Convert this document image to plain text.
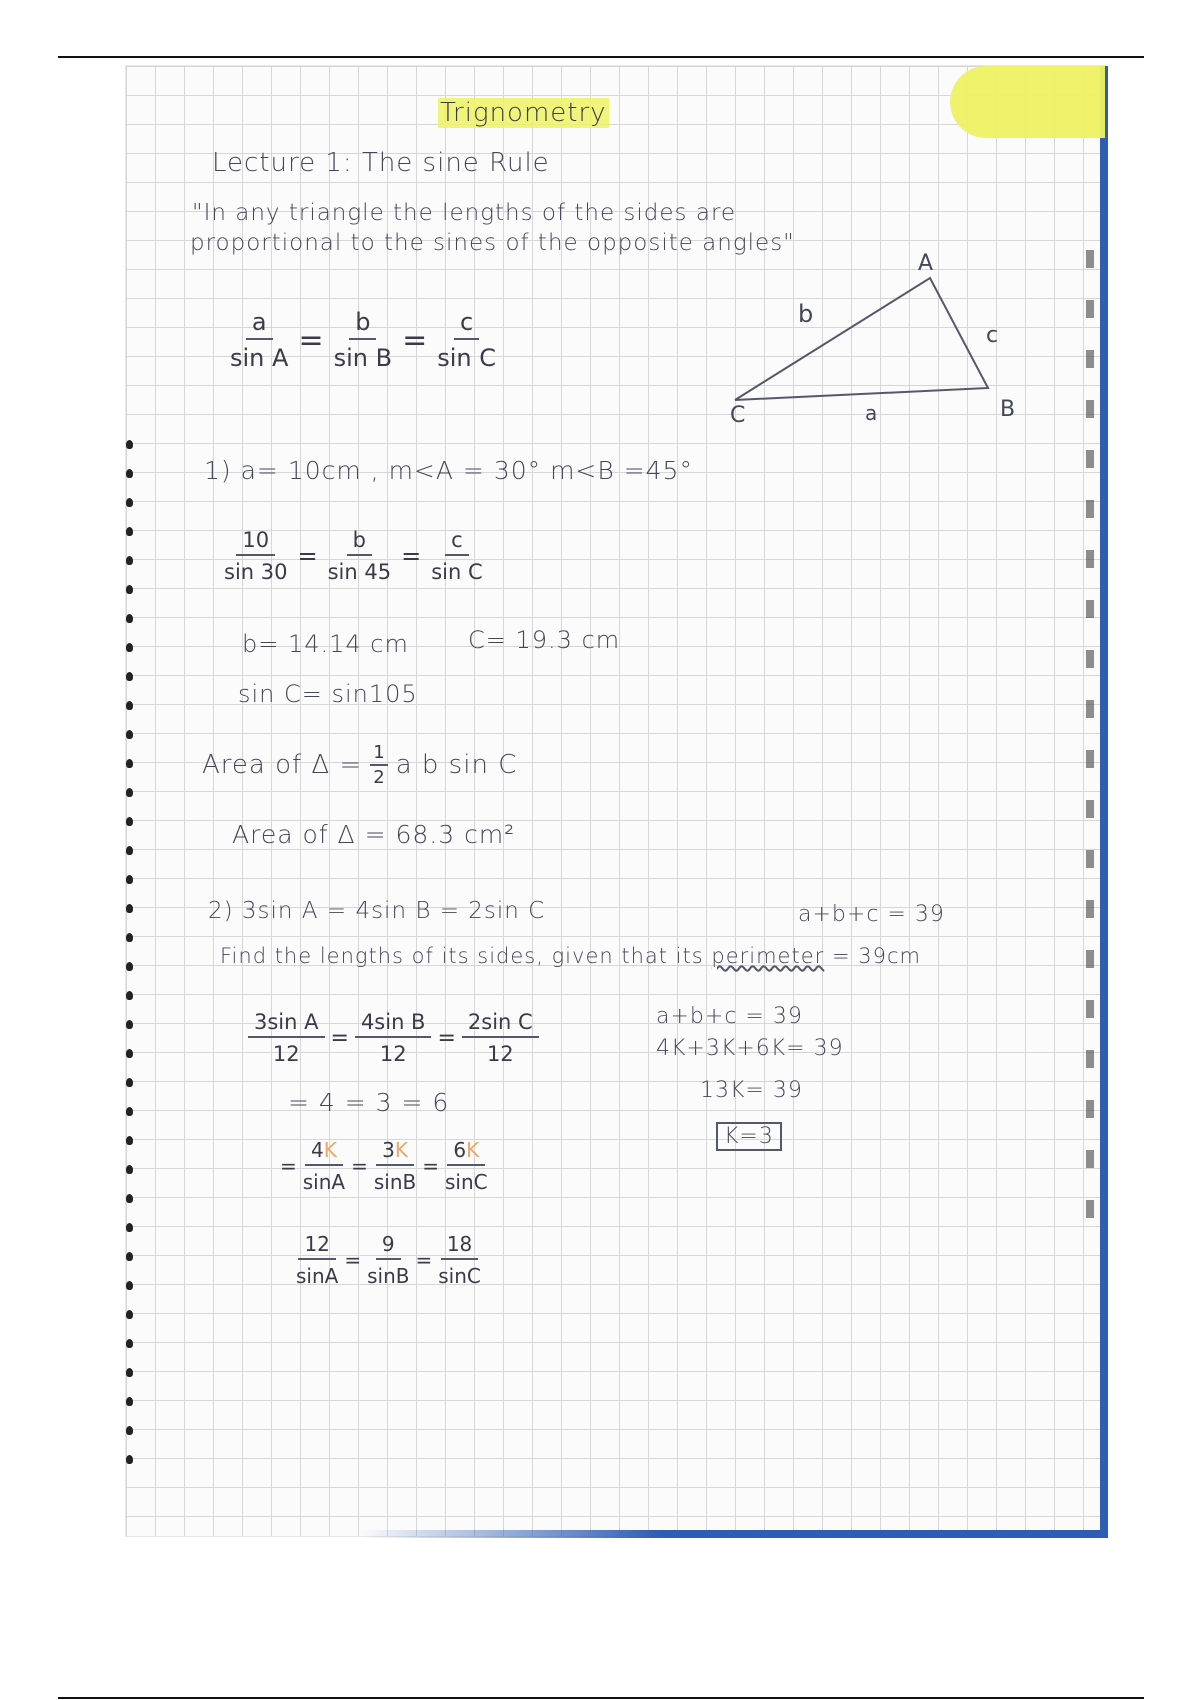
Trignometry
Lecture 1: The sine Rule
"In any triangle the lengths of the sides are
proportional to the sines of the opposite angles"
$\frac{a}{\text{sin A}} = \frac{b}{\text{sin B}} = \frac{c}{\text{sin C}}$
A
B
C	a
b
c
1) a= 10cm , m<A = 30° m<B =45°
$\frac{10}{\sin 30} = \frac{b}{\sin 45} = \frac{c}{\text{sin C}}$
b= 14.14 cm C= 19.3 cm
sin C= sin105
Area of $\Delta = \frac{1}{2}$ a b sin C
Area of Δ = 68.3 cm²
2) 3sin A = 4sin B = 2sin C	a+b+c = 39
Find the lengths of its sides, given that its perimeter = 39cm
$\frac{\text{3sin A}}{12} = \frac{\text{4sin B}}{12} = \frac{\text{2sin C}}{12}$
= 4 = 3 = 6
= $\frac{4K}{\sin A} = \frac{3K}{\sin B} = \frac{6K}{\sin C}$
$\frac{12}{\sin A} = \frac{9}{\sin B} = \frac{18}{\sin C}$
a+b+c = 39
4K+3K+6K= 39
13K= 39
K=3
